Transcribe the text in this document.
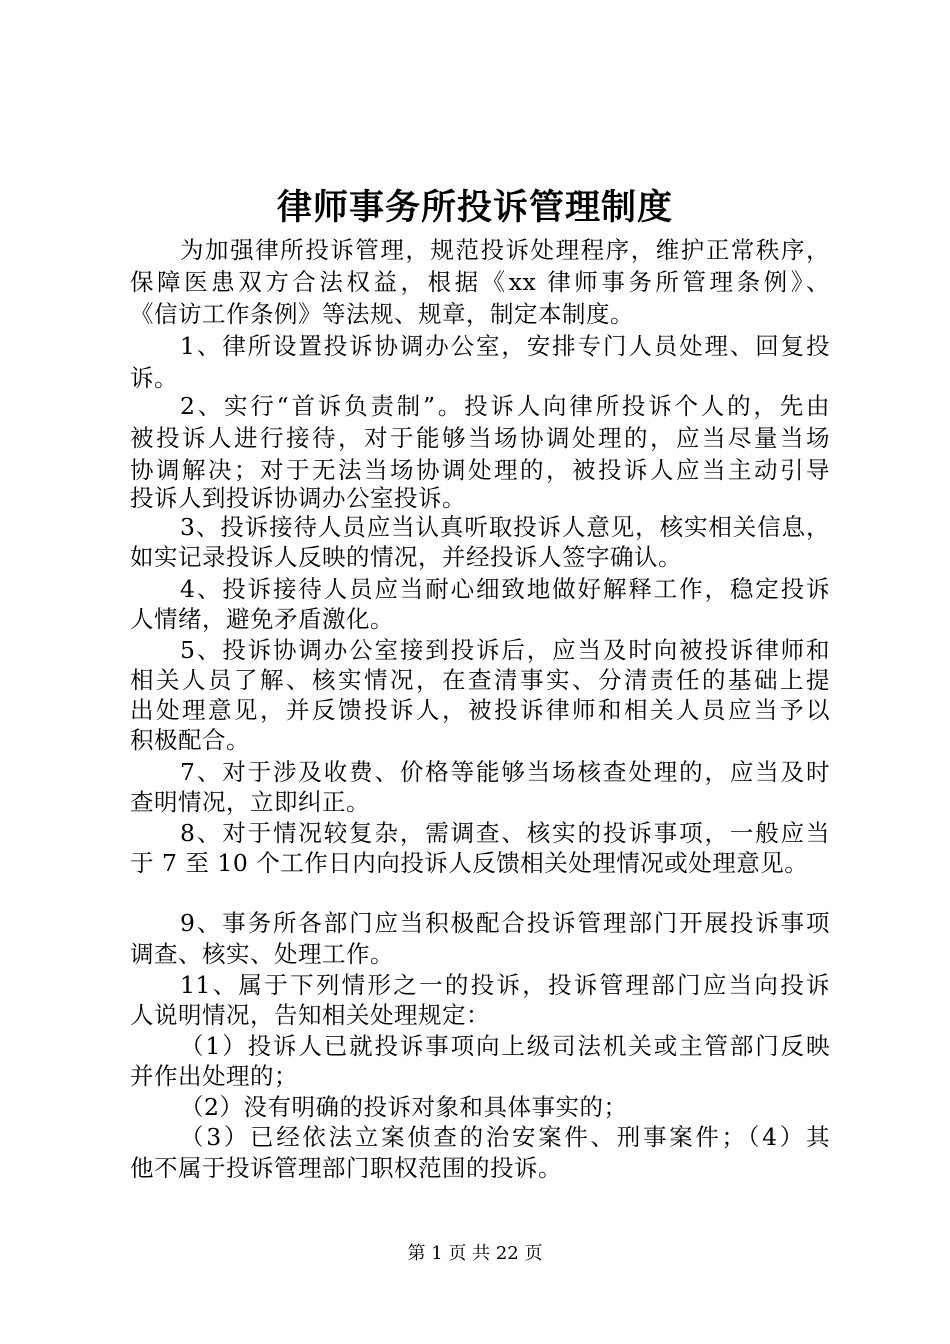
律师事务所投诉管理制度
为加强律所投诉管理，规范投诉处理程序，维护正常秩序，
保障医患双方合法权益，根据《xx 律师事务所管理条例》、
《信访工作条例》等法规、规章，制定本制度。
1、律所设置投诉协调办公室，安排专门人员处理、回复投
诉。
2、实行“首诉负责制”。投诉人向律所投诉个人的，先由
被投诉人进行接待，对于能够当场协调处理的，应当尽量当场
协调解决；对于无法当场协调处理的，被投诉人应当主动引导
投诉人到投诉协调办公室投诉。
3、投诉接待人员应当认真听取投诉人意见，核实相关信息，
如实记录投诉人反映的情况，并经投诉人签字确认。
4、投诉接待人员应当耐心细致地做好解释工作，稳定投诉
人情绪，避免矛盾激化。
5、投诉协调办公室接到投诉后，应当及时向被投诉律师和
相关人员了解、核实情况，在查清事实、分清责任的基础上提
出处理意见，并反馈投诉人，被投诉律师和相关人员应当予以
积极配合。
7、对于涉及收费、价格等能够当场核查处理的，应当及时
查明情况，立即纠正。
8、对于情况较复杂，需调查、核实的投诉事项，一般应当
于 7 至 10 个工作日内向投诉人反馈相关处理情况或处理意见。
9、事务所各部门应当积极配合投诉管理部门开展投诉事项
调查、核实、处理工作。
11、属于下列情形之一的投诉，投诉管理部门应当向投诉
人说明情况，告知相关处理规定：
（1）投诉人已就投诉事项向上级司法机关或主管部门反映
并作出处理的；
（2）没有明确的投诉对象和具体事实的；
（3）已经依法立案侦查的治安案件、刑事案件；（4）其
他不属于投诉管理部门职权范围的投诉。
第 1 页 共 22 页
